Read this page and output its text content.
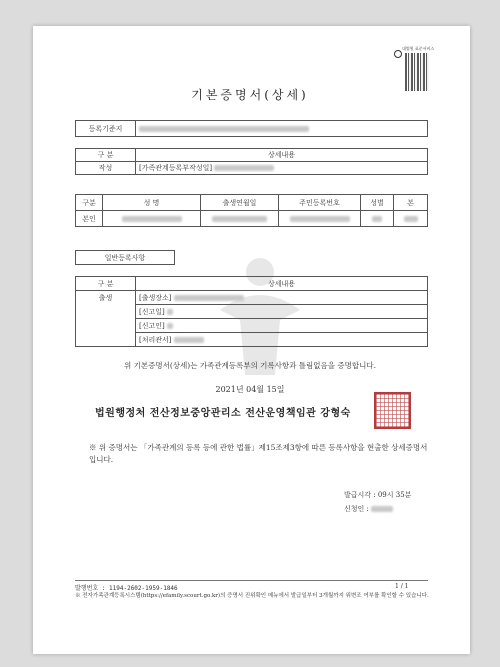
대법원 표준서비스
기본증명서(상세)
등록기준지	
구 분	상세내용
작성	[가족관계등록부작성일]
구분	성 명	출생연월일	주민등록번호	성별	본
본인					
일반등록사항
구 분	상세내용
출생	[출생장소]
	[신고일]
	[신고인]
	[처리관서]
위 기본증명서(상세)는 가족관계등록부의 기록사항과 틀림없음을 증명합니다.
2021년 04월 15일
법원행정처 전산정보중앙관리소 전산운영책임관 강형숙
※ 위 증명서는 「가족관계의 등록 등에 관한 법률」제15조제3항에 따른 등록사항을 현출한 상세증명서입니다.
발급시각 : 09시 35분
신청인 :
발행번호 : 1194-2602-1959-1846	1 / 1
※ 전자가족관계등록시스템(https://efamily.scourt.go.kr)의 증명서 진위확인 메뉴에서 발급일부터 3개월까지 위변조 여부를 확인할 수 있습니다.
